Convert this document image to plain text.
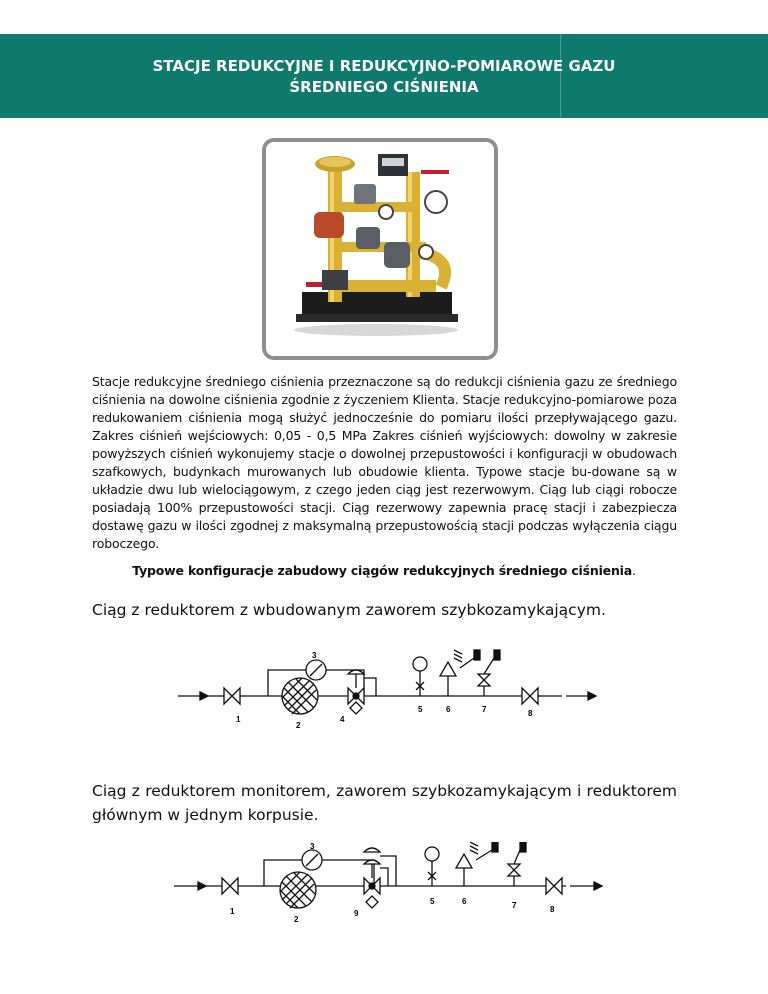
STACJE REDUKCYJNE I REDUKCYJNO-POMIAROWE GAZU
ŚREDNIEGO CIŚNIENIA
Stacje redukcyjne średniego ciśnienia przeznaczone są do redukcji ciśnienia gazu ze średniego ciśnienia na dowolne ciśnienia zgodnie z życzeniem Klienta. Stacje redukcyjno-pomiarowe poza redukowaniem ciśnienia mogą służyć jednocześnie do pomiaru ilości przepływającego gazu. Zakres ciśnień wejściowych: 0,05 - 0,5 MPa Zakres ciśnień wyjściowych: dowolny w zakresie powyższych ciśnień wykonujemy stacje o dowolnej przepustowości i konfiguracji w obudowach szafkowych, budynkach murowanych lub obudowie klienta. Typowe stacje bu-dowane są w układzie dwu lub wielociągowym, z czego jeden ciąg jest rezerwowym. Ciąg lub ciągi robocze posiadają 100% przepustowości stacji. Ciąg rezerwowy zapewnia pracę stacji i zabezpiecza dostawę gazu w ilości zgodnej z maksymalną przepustowością stacji podczas wyłączenia ciągu roboczego.
Typowe konfiguracje zabudowy ciągów redukcyjnych średniego ciśnienia.
Ciąg z reduktorem z wbudowanym zaworem szybkozamykającym.
1
2
3
4
5	6	7	8
Ciąg z reduktorem monitorem, zaworem szybkozamykającym i reduktorem głównym w jednym korpusie.
1
2
3
9
5	6	7	8
